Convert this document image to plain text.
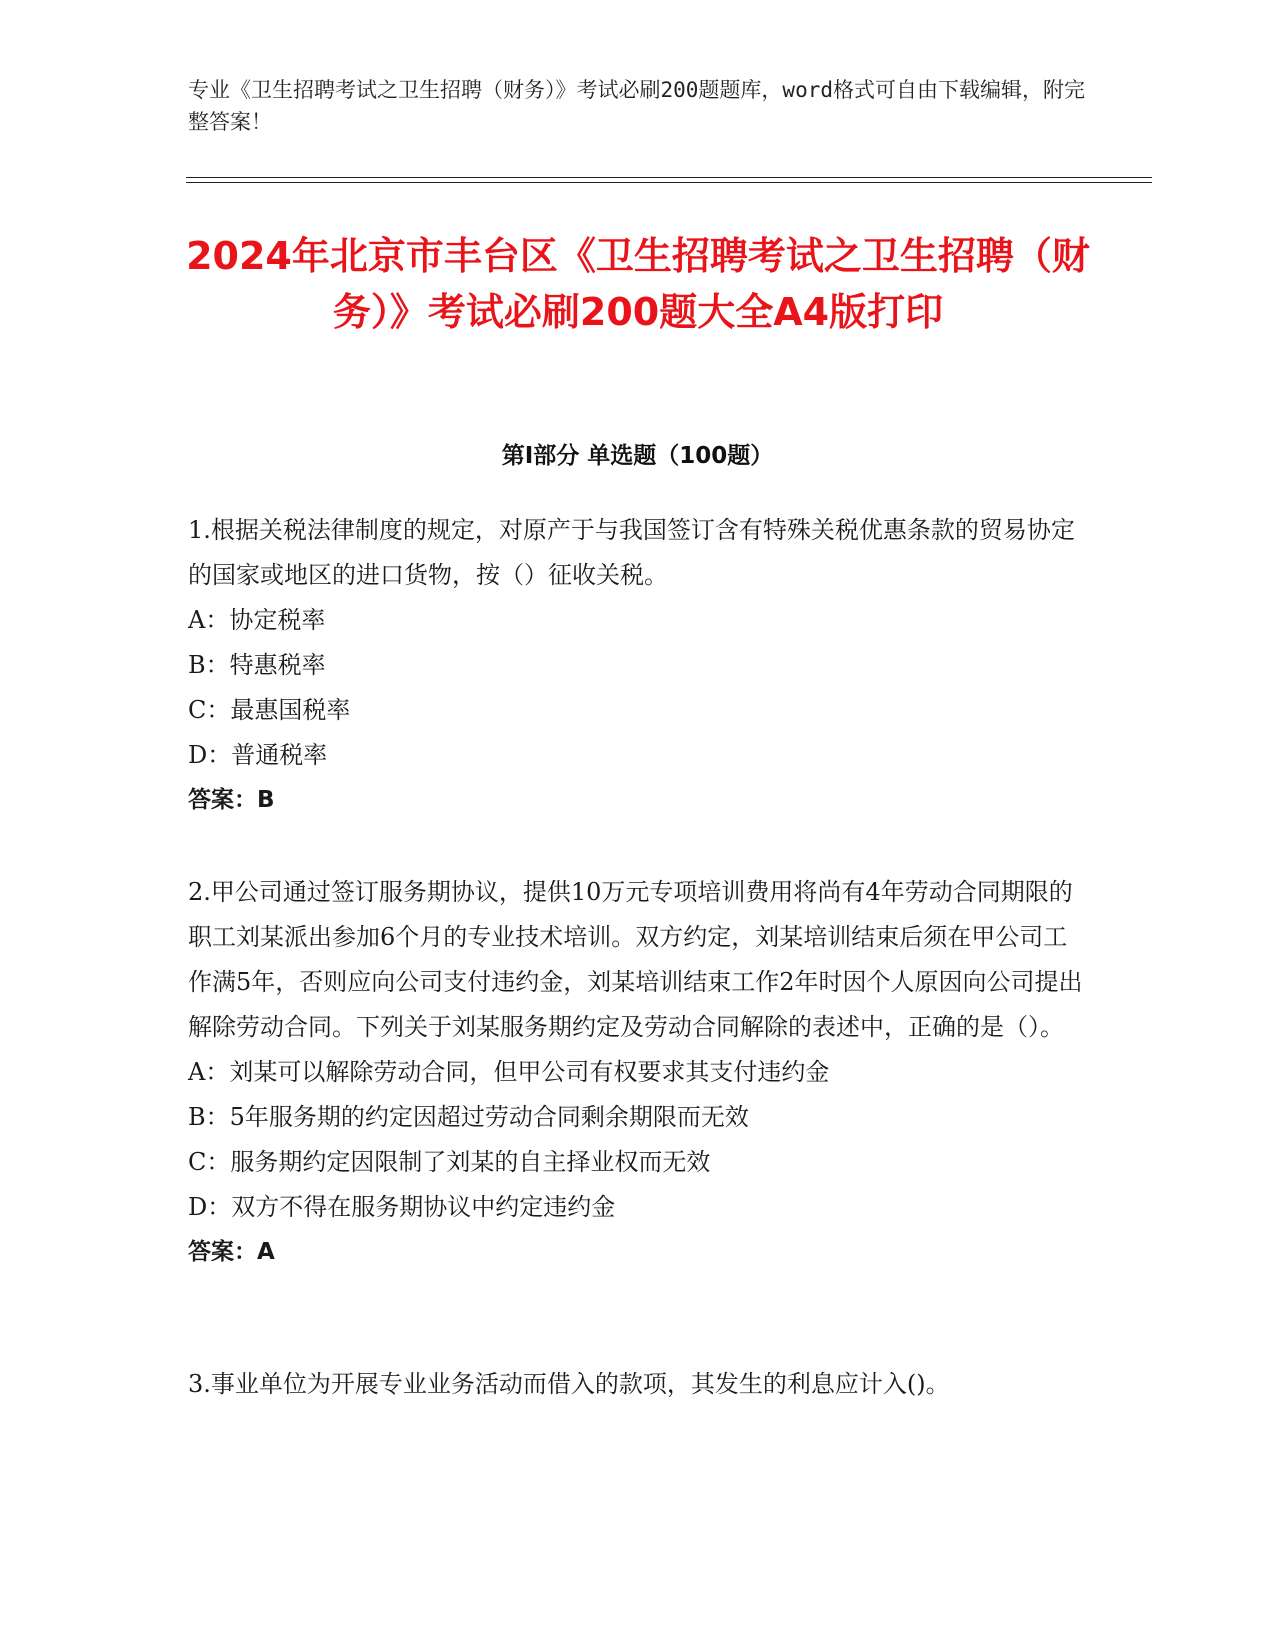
专业《卫生招聘考试之卫生招聘（财务）》考试必刷200题题库，word格式可自由下载编辑，附完整答案！
2024年北京市丰台区《卫生招聘考试之卫生招聘（财务）》考试必刷200题大全A4版打印
第Ⅰ部分 单选题（100题）
1.根据关税法律制度的规定，对原产于与我国签订含有特殊关税优惠条款的贸易协定的国家或地区的进口货物，按（）征收关税。
A：协定税率
B：特惠税率
C：最惠国税率
D：普通税率
答案：B
2.甲公司通过签订服务期协议，提供10万元专项培训费用将尚有4年劳动合同期限的职工刘某派出参加6个月的专业技术培训。双方约定，刘某培训结束后须在甲公司工作满5年，否则应向公司支付违约金，刘某培训结束工作2年时因个人原因向公司提出解除劳动合同。下列关于刘某服务期约定及劳动合同解除的表述中，正确的是（）。
A：刘某可以解除劳动合同，但甲公司有权要求其支付违约金
B：5年服务期的约定因超过劳动合同剩余期限而无效
C：服务期约定因限制了刘某的自主择业权而无效
D：双方不得在服务期协议中约定违约金
答案：A
3.事业单位为开展专业业务活动而借入的款项，其发生的利息应计入()。
